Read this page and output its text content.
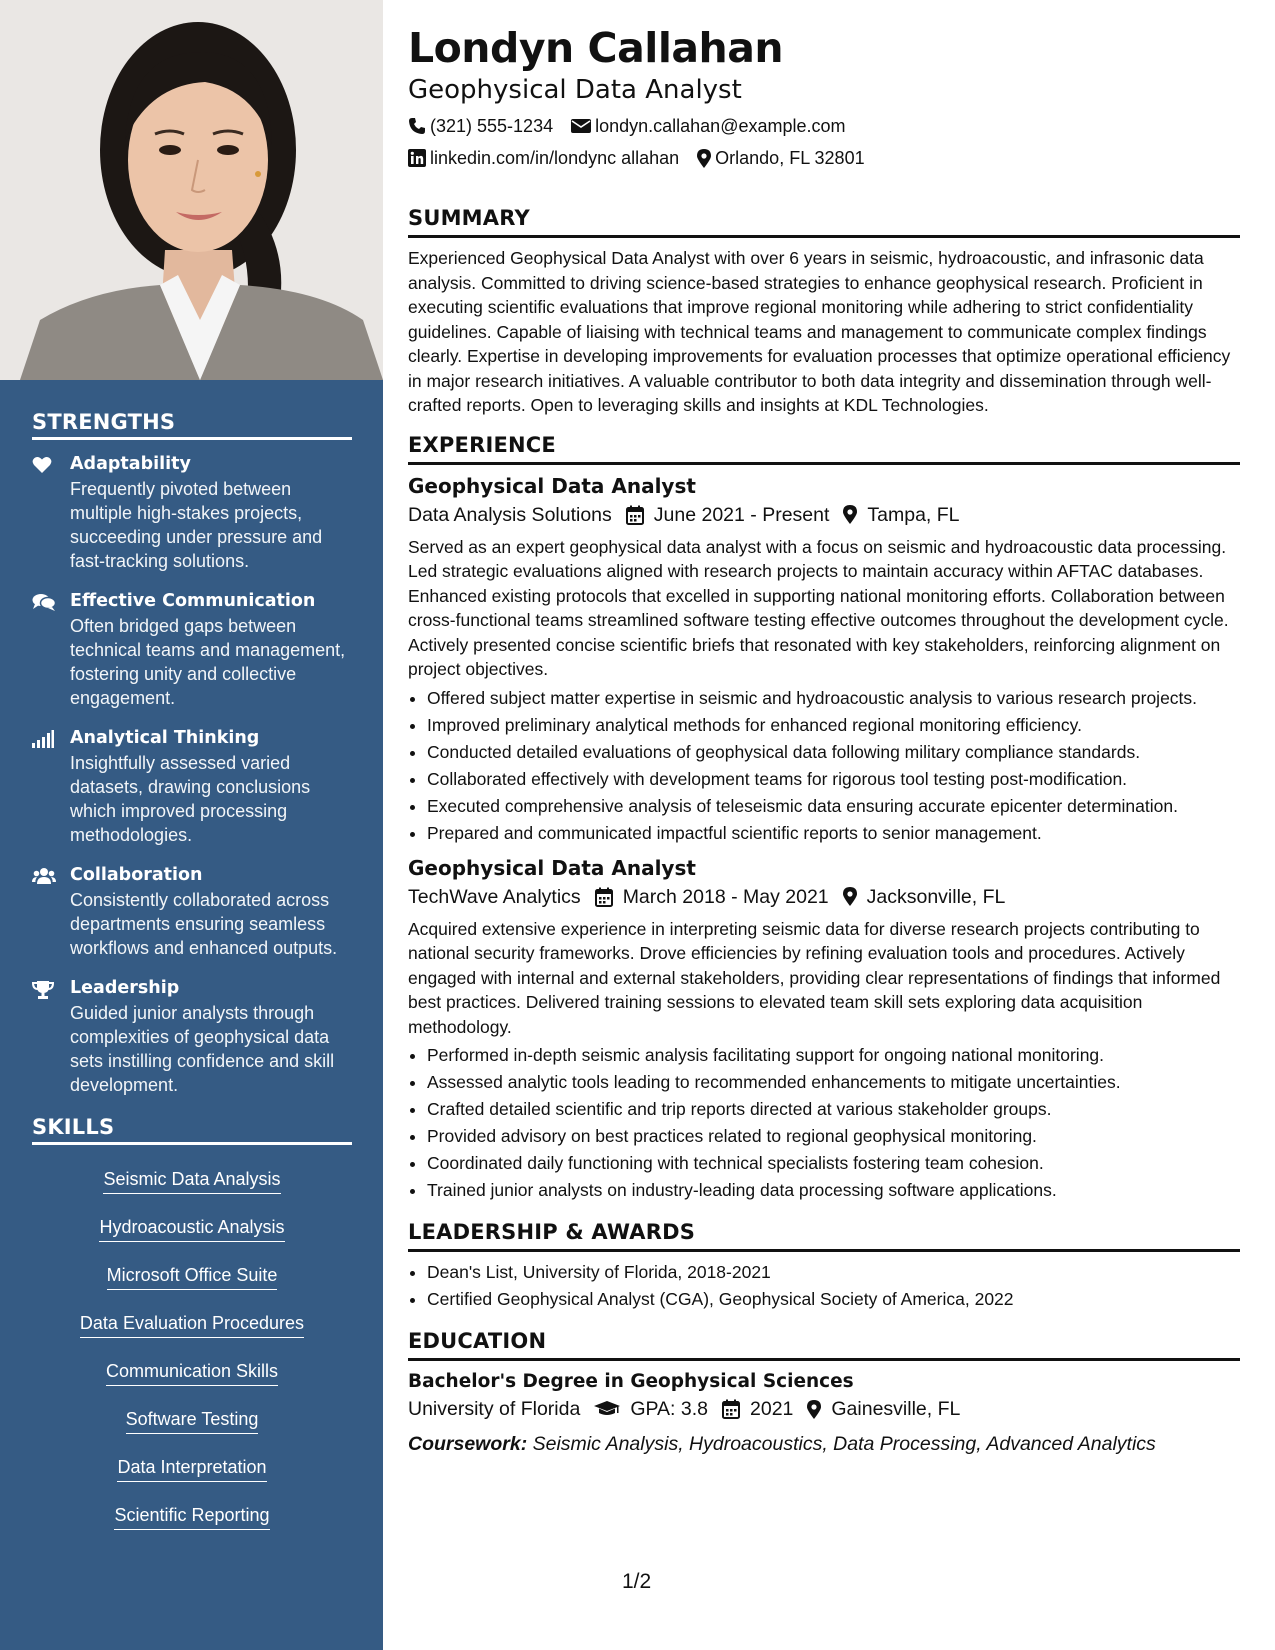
STRENGTHS
Adaptability
Frequently pivoted between multiple high-stakes projects, succeeding under pressure and fast-tracking solutions.
Effective Communication
Often bridged gaps between technical teams and management, fostering unity and collective engagement.
Analytical Thinking
Insightfully assessed varied datasets, drawing conclusions which improved processing methodologies.
Collaboration
Consistently collaborated across departments ensuring seamless workflows and enhanced outputs.
Leadership
Guided junior analysts through complexities of geophysical data sets instilling confidence and skill development.
SKILLS
Seismic Data Analysis
Hydroacoustic Analysis
Microsoft Office Suite
Data Evaluation Procedures
Communication Skills
Software Testing
Data Interpretation
Scientific Reporting
Londyn Callahan
Geophysical Data Analyst
(321) 555-1234 londyn.callahan@example.com
linkedin.com/in/londync allahan Orlando, FL 32801
SUMMARY

Experienced Geophysical Data Analyst with over 6 years in seismic, hydroacoustic, and infrasonic data analysis. Committed to driving science-based strategies to enhance geophysical research. Proficient in executing scientific evaluations that improve regional monitoring while adhering to strict confidentiality guidelines. Capable of liaising with technical teams and management to communicate complex findings clearly. Expertise in developing improvements for evaluation processes that optimize operational efficiency in major research initiatives. A valuable contributor to both data integrity and dissemination through well-crafted reports. Open to leveraging skills and insights at KDL Technologies.

EXPERIENCE
Geophysical Data Analyst
Data Analysis Solutions June 2021 - Present Tampa, FL

Served as an expert geophysical data analyst with a focus on seismic and hydroacoustic data processing. Led strategic evaluations aligned with research projects to maintain accuracy within AFTAC databases. Enhanced existing protocols that excelled in supporting national monitoring efforts. Collaboration between cross-functional teams streamlined software testing effective outcomes throughout the development cycle. Actively presented concise scientific briefs that resonated with key stakeholders, reinforcing alignment on project objectives.

• Offered subject matter expertise in seismic and hydroacoustic analysis to various research projects.
• Improved preliminary analytical methods for enhanced regional monitoring efficiency.
• Conducted detailed evaluations of geophysical data following military compliance standards.
• Collaborated effectively with development teams for rigorous tool testing post-modification.
• Executed comprehensive analysis of teleseismic data ensuring accurate epicenter determination.
• Prepared and communicated impactful scientific reports to senior management.
Geophysical Data Analyst
TechWave Analytics March 2018 - May 2021 Jacksonville, FL

Acquired extensive experience in interpreting seismic data for diverse research projects contributing to national security frameworks. Drove efficiencies by refining evaluation tools and procedures. Actively engaged with internal and external stakeholders, providing clear representations of findings that informed best practices. Delivered training sessions to elevated team skill sets exploring data acquisition methodology.

• Performed in-depth seismic analysis facilitating support for ongoing national monitoring.
• Assessed analytic tools leading to recommended enhancements to mitigate uncertainties.
• Crafted detailed scientific and trip reports directed at various stakeholder groups.
• Provided advisory on best practices related to regional geophysical monitoring.
• Coordinated daily functioning with technical specialists fostering team cohesion.
• Trained junior analysts on industry-leading data processing software applications.
LEADERSHIP & AWARDS
• Dean's List, University of Florida, 2018-2021
• Certified Geophysical Analyst (CGA), Geophysical Society of America, 2022
EDUCATION
Bachelor's Degree in Geophysical Sciences
University of Florida	GPA: 3.8 2021 Gainesville, FL
Coursework: Seismic Analysis, Hydroacoustics, Data Processing, Advanced Analytics
1/2
